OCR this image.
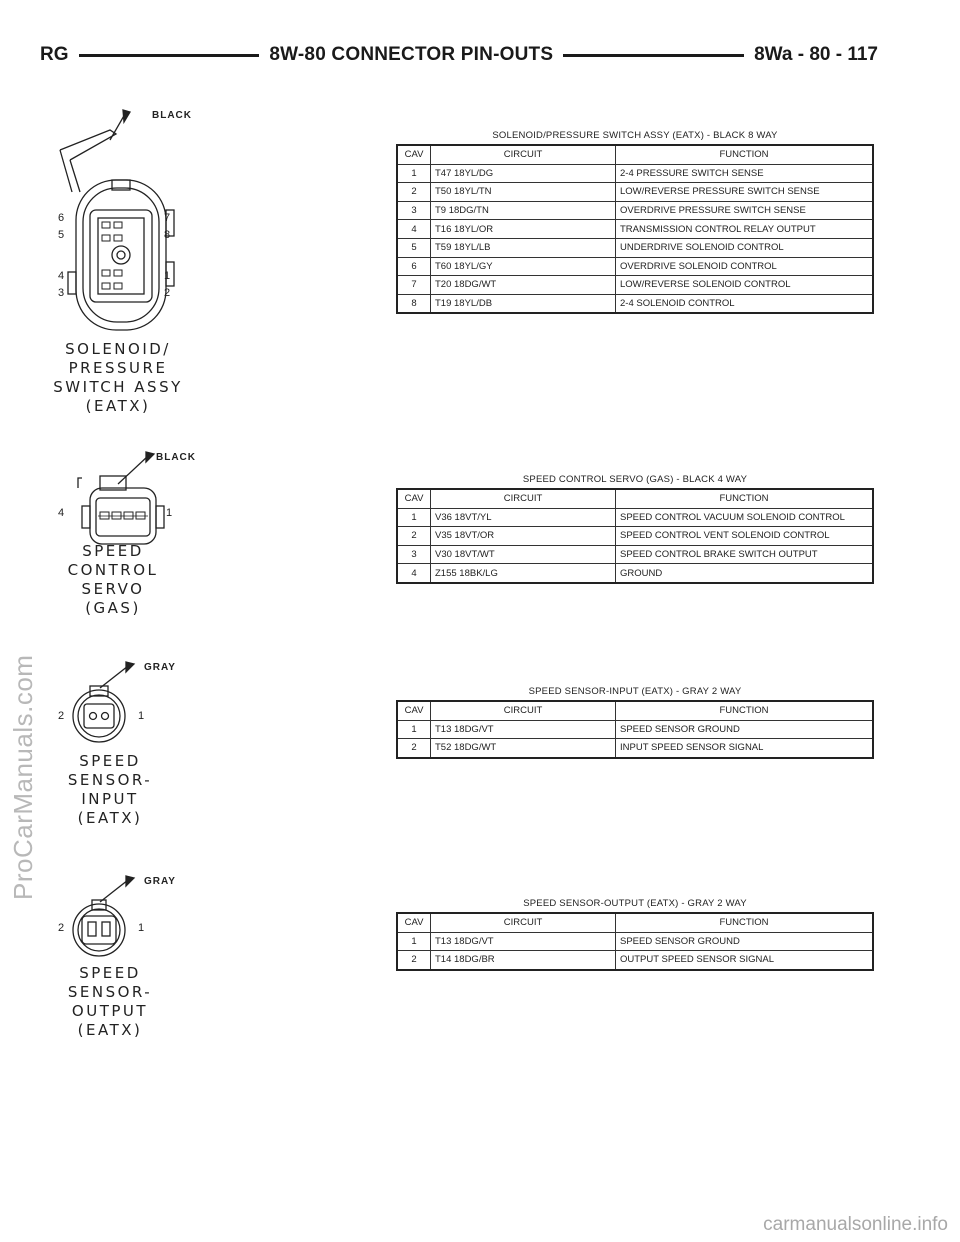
RG	8W-80 CONNECTOR PIN-OUTS	8Wa - 80 - 117
BLACK
6
5
4
3
7
8
1
2
SOLENOID/
PRESSURE
SWITCH ASSY
(EATX)
SOLENOID/PRESSURE SWITCH ASSY (EATX) - BLACK 8 WAY
CAV	CIRCUIT	FUNCTION
1	T47 18YL/DG	2-4 PRESSURE SWITCH SENSE
2	T50 18YL/TN	LOW/REVERSE PRESSURE SWITCH SENSE
3	T9 18DG/TN	OVERDRIVE PRESSURE SWITCH SENSE
4	T16 18YL/OR	TRANSMISSION CONTROL RELAY OUTPUT
5	T59 18YL/LB	UNDERDRIVE SOLENOID CONTROL
6	T60 18YL/GY	OVERDRIVE SOLENOID CONTROL
7	T20 18DG/WT	LOW/REVERSE SOLENOID CONTROL
8	T19 18YL/DB	2-4 SOLENOID CONTROL
BLACK
4	1
SPEED
CONTROL
SERVO
(GAS)
SPEED CONTROL SERVO (GAS) - BLACK 4 WAY
CAV	CIRCUIT	FUNCTION
1	V36 18VT/YL	SPEED CONTROL VACUUM SOLENOID CONTROL
2	V35 18VT/OR	SPEED CONTROL VENT SOLENOID CONTROL
3	V30 18VT/WT	SPEED CONTROL BRAKE SWITCH OUTPUT
4	Z155 18BK/LG	GROUND
GRAY
2	1
SPEED
SENSOR-
INPUT
(EATX)
SPEED SENSOR-INPUT (EATX) - GRAY 2 WAY
CAV	CIRCUIT	FUNCTION
1	T13 18DG/VT	SPEED SENSOR GROUND
2	T52 18DG/WT	INPUT SPEED SENSOR SIGNAL
GRAY
2	1
SPEED
SENSOR-
OUTPUT
(EATX)
SPEED SENSOR-OUTPUT (EATX) - GRAY 2 WAY
CAV	CIRCUIT	FUNCTION
1	T13 18DG/VT	SPEED SENSOR GROUND
2	T14 18DG/BR	OUTPUT SPEED SENSOR SIGNAL
ProCarManuals.com
carmanualsonline.info
